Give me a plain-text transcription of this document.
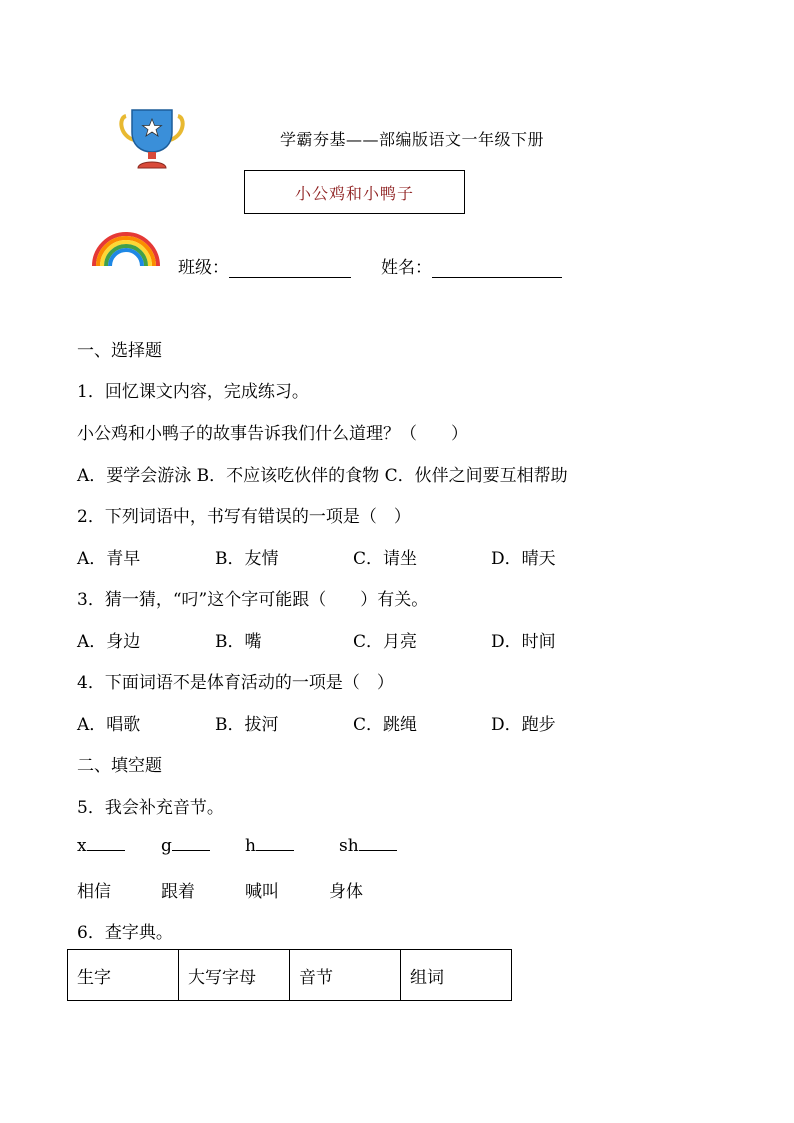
学霸夯基——部编版语文一年级下册
小公鸡和小鸭子
班级：	姓名：
一、选择题
1．回忆课文内容，完成练习。
小公鸡和小鸭子的故事告诉我们什么道理？（　　）
A．要学会游泳 B．不应该吃伙伴的食物 C．伙伴之间要互相帮助
2．下列词语中，书写有错误的一项是（　）
A．青早	B．友情	C．请坐	D．晴天
3．猜一猜，“叼”这个字可能跟（　　）有关。
A．身边	B．嘴	C．月亮	D．时间
4．下面词语不是体育活动的一项是（　）
A．唱歌	B．拔河	C．跳绳	D．跑步
二、填空题
5．我会补充音节。
x	g	h	sh
相信	跟着	喊叫	身体
6．查字典。
生字	大写字母	音节	组词
